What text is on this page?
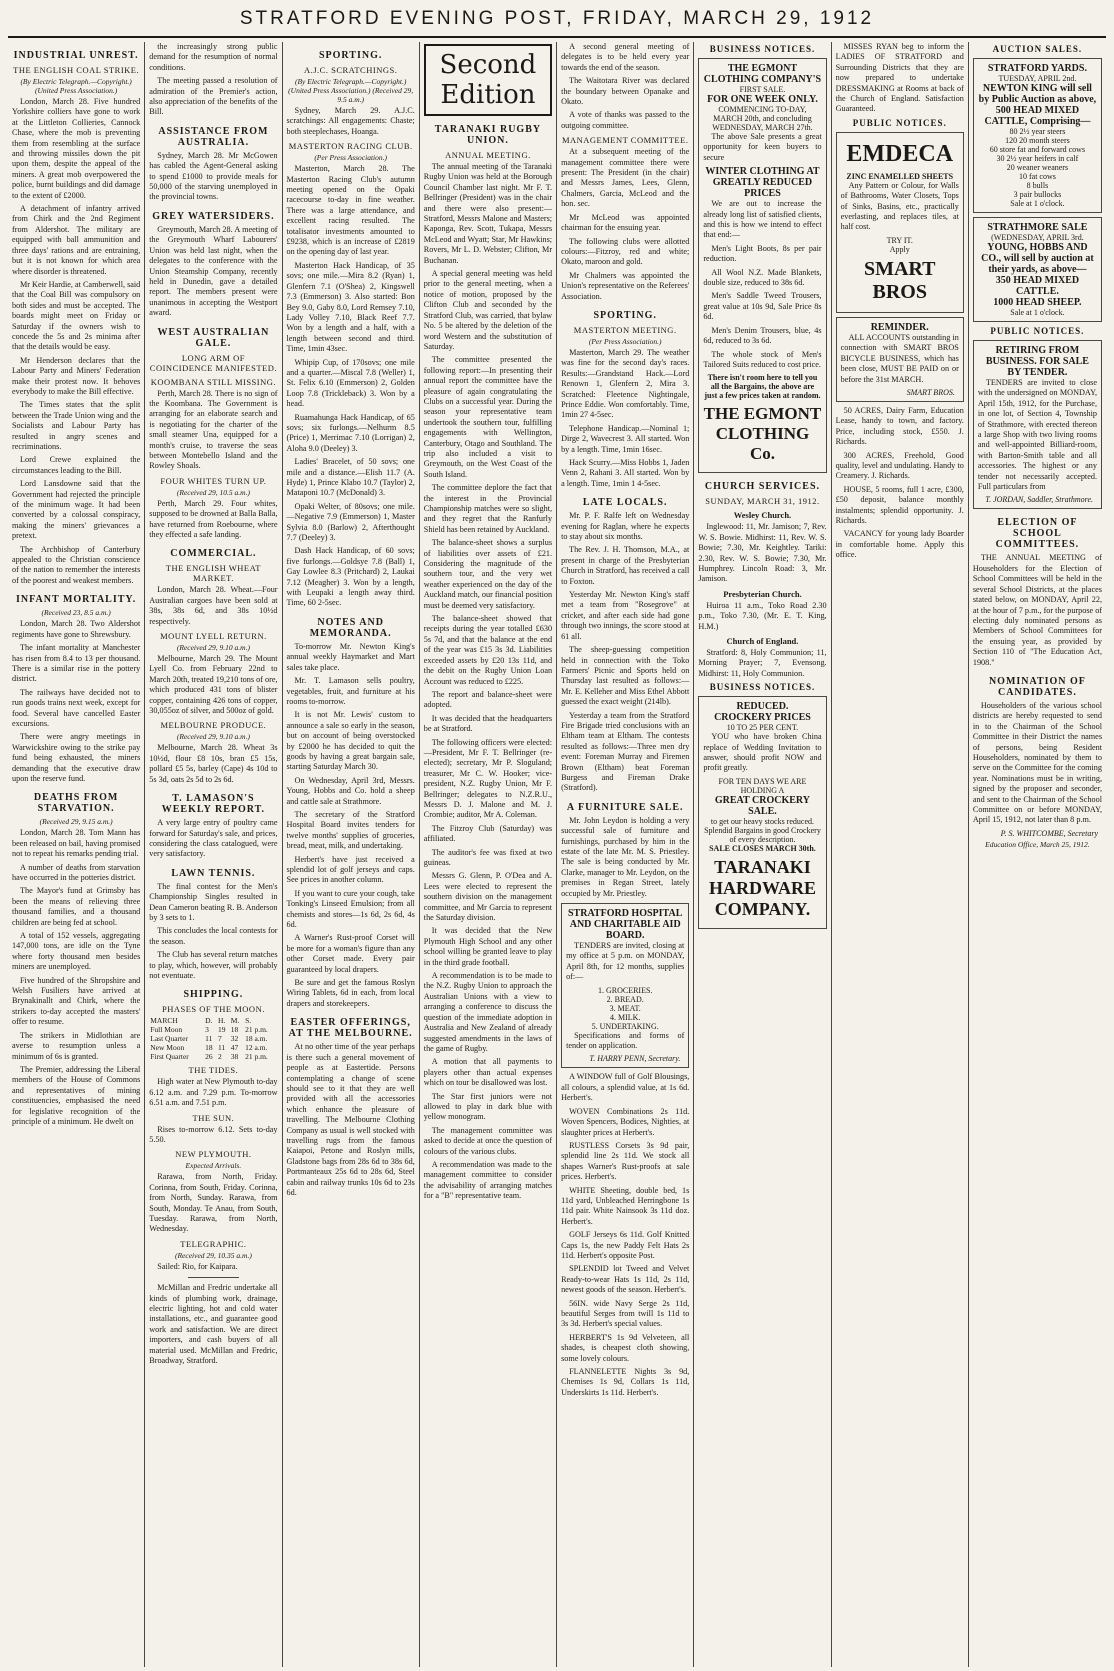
STRATFORD EVENING POST, FRIDAY, MARCH 29, 1912
INDUSTRIAL UNREST.
THE ENGLISH COAL STRIKE.
(By Electric Telegraph.—Copyright.) (United Press Association.)

London, March 28. Five hundred Yorkshire colliers have gone to work at the Littleton Collieries, Cannock Chase, where the mob is preventing them from resembling at the surface and throwing missiles down the pit upon them, despite the appeal of the miners. A great mob overpowered the police, burnt buildings and did damage to the extent of £2000.

A detachment of infantry arrived from Chirk and the 2nd Regiment from Aldershot. The military are equipped with ball ammunition and three days' rations and are entraining, but it is not known for which area where disorder is threatened.

Mr Keir Hardie, at Camberwell, said that the Coal Bill was compulsory on both sides and must be accepted. The boards might meet on Friday or Saturday if the owners wish to concede the 5s and 2s minima after that the details would be easy.

Mr Henderson declares that the Labour Party and Miners' Federation make their protest now. It behoves everybody to make the Bill effective.

The Times states that the split between the Trade Union wing and the Socialists and Labour Party has resulted in angry scenes and recriminations.

Lord Crewe explained the circumstances leading to the Bill.

Lord Lansdowne said that the Government had rejected the principle of the minimum wage. It had been converted by a colossal conspiracy, making the miners' grievances a pretext.

The Archbishop of Canterbury appealed to the Christian conscience of the nation to remember the interests of the poorest and weakest members.

INFANT MORTALITY.
(Received 23, 8.5 a.m.)

London, March 28. Two Aldershot regiments have gone to Shrewsbury.

The infant mortality at Manchester has risen from 8.4 to 13 per thousand. There is a similar rise in the pottery district.

The railways have decided not to run goods trains next week, except for food. Several have cancelled Easter excursions.

There were angry meetings in Warwickshire owing to the strike pay fund being exhausted, the miners demanding that the executive draw upon the reserve fund.

DEATHS FROM STARVATION.
(Received 29, 9.15 a.m.)

London, March 28. Tom Mann has been released on bail, having promised not to repeat his remarks pending trial.

A number of deaths from starvation have occurred in the potteries district.

The Mayor's fund at Grimsby has been the means of relieving three thousand families, and a thousand children are being fed at school.

A total of 152 vessels, aggregating 147,000 tons, are idle on the Tyne where forty thousand men besides miners are unemployed.

Five hundred of the Shropshire and Welsh Fusiliers have arrived at Brynakinallt and Chirk, where the strikers to-day accepted the masters' offer to resume.

The strikers in Midlothian are averse to resumption unless a minimum of 6s is granted.

The Premier, addressing the Liberal members of the House of Commons and representatives of mining constituencies, emphasised the need for legislative recognition of the principle of a minimum. He dwelt on

the increasingly strong public demand for the resumption of normal conditions.

The meeting passed a resolution of admiration of the Premier's action, also appreciation of the benefits of the Bill.

ASSISTANCE FROM AUSTRALIA.

Sydney, March 28. Mr McGowen has cabled the Agent-General asking to spend £1000 to provide meals for 50,000 of the starving unemployed in the provincial towns.

GREY WATERSIDERS.

Greymouth, March 28. A meeting of the Greymouth Wharf Labourers' Union was held last night, when the delegates to the conference with the Union Steamship Company, recently held in Dunedin, gave a detailed report. The members present were unanimous in accepting the Westport award.

WEST AUSTRALIAN GALE.
LONG ARM OF COINCIDENCE MANIFESTED.
KOOMBANA STILL MISSING.

Perth, March 28. There is no sign of the Koombana. The Government is arranging for an elaborate search and is negotiating for the charter of the small steamer Una, equipped for a month's cruise, to traverse the seas between Montebello Island and the Rowley Shoals.

FOUR WHITES TURN UP.
(Received 29, 10.5 a.m.)

Perth, March 29. Four whites, supposed to be drowned at Balla Balla, have returned from Roebourne, where they effected a safe landing.

COMMERCIAL.
THE ENGLISH WHEAT MARKET.

London, March 28. Wheat.—Four Australian cargoes have been sold at 38s, 38s 6d, and 38s 10½d respectively.

MOUNT LYELL RETURN.
(Received 29, 9.10 a.m.)

Melbourne, March 29. The Mount Lyell Co. from February 22nd to March 20th, treated 19,210 tons of ore, which produced 431 tons of blister copper, containing 426 tons of copper, 30,055oz of silver, and 500oz of gold.

MELBOURNE PRODUCE.
(Received 29, 9.10 a.m.)

Melbourne, March 28. Wheat 3s 10½d, flour £8 10s, bran £5 15s, pollard £5 5s, barley (Cape) 4s 10d to 5s 3d, oats 2s 5d to 2s 6d.

T. LAMASON'S WEEKLY REPORT.

A very large entry of poultry came forward for Saturday's sale, and prices, considering the class catalogued, were very satisfactory.

LAWN TENNIS.

The final contest for the Men's Championship Singles resulted in Dean Cameron beating R. B. Anderson by 3 sets to 1.

This concludes the local contests for the season.

The Club has several return matches to play, which, however, will probably not eventuate.

SHIPPING.
PHASES OF THE MOON.
MARCH	D.	H.	M.	S.
Full Moon	3	19	18	21 p.m.
Last Quarter	11	7	32	18 a.m.
New Moon	18	11	47	12 a.m.
First Quarter	26	2	38	21 p.m.
THE TIDES.

High water at New Plymouth to-day 6.12 a.m. and 7.29 p.m. To-morrow 6.51 a.m. and 7.51 p.m.

THE SUN.

Rises to-morrow 6.12. Sets to-day 5.50.

NEW PLYMOUTH.
Expected Arrivals.

Rarawa, from North, Friday. Corinna, from South, Friday. Corinna, from North, Sunday. Rarawa, from South, Monday. Te Anau, from South, Tuesday. Rarawa, from North, Wednesday.

TELEGRAPHIC.
(Received 29, 10.35 a.m.)

Sailed: Rio, for Kaipara.

McMillan and Fredric undertake all kinds of plumbing work, drainage, electric lighting, hot and cold water installations, etc., and guarantee good work and satisfaction. We are direct importers, and cash buyers of all material used. McMillan and Fredric, Broadway, Stratford.

SPORTING.
A.J.C. SCRATCHINGS.
(By Electric Telegraph.—Copyright.) (United Press Association.) (Received 29, 9.5 a.m.)

Sydney, March 29. A.J.C. scratchings: All engagements: Chaste; both steeplechases, Hoanga.

MASTERTON RACING CLUB.
(Per Press Association.)

Masterton, March 28. The Masterton Racing Club's autumn meeting opened on the Opaki racecourse to-day in fine weather. There was a large attendance, and excellent racing resulted. The totalisator investments amounted to £9238, which is an increase of £2819 on the opening day of last year.

Masterton Hack Handicap, of 35 sovs; one mile.—Mira 8.2 (Ryan) 1, Glenfern 7.1 (O'Shea) 2, Kingswell 7.3 (Emmerson) 3. Also started: Bon Bey 9.0, Gaby 8.0, Lord Remsey 7.10, Lady Volley 7.10, Black Reef 7.7. Won by a length and a half, with a length between second and third. Time, 1min 43sec.

Whipip Cup, of 170sovs; one mile and a quarter.—Miscal 7.8 (Weller) 1, St. Felix 6.10 (Emmerson) 2, Golden Loop 7.8 (Trickleback) 3. Won by a head.

Ruamahunga Hack Handicap, of 65 sovs; six furlongs.—Nelhurm 8.5 (Price) 1, Merrimac 7.10 (Lorrigan) 2, Aloha 9.0 (Deeley) 3.

Ladies' Bracelet, of 50 sovs; one mile and a distance.—Elish 11.7 (A. Hyde) 1, Prince Klabo 10.7 (Taylor) 2, Mataponi 10.7 (McDonald) 3.

Opaki Welter, of 80sovs; one mile.—Negative 7.9 (Emmerson) 1, Master Sylvia 8.0 (Barlow) 2, Afterthought 7.7 (Deeley) 3.

Dash Hack Handicap, of 60 sovs; five furlongs.—Goldsye 7.8 (Ball) 1, Gay Lowlee 8.3 (Pritchard) 2, Laukai 7.12 (Meagher) 3. Won by a length, with Leupaki a length away third. Time, 60 2-5sec.

NOTES AND MEMORANDA.

To-morrow Mr. Newton King's annual weekly Haymarket and Mart sales take place.

Mr. T. Lamason sells poultry, vegetables, fruit, and furniture at his rooms to-morrow.

It is not Mr. Lewis' custom to announce a sale so early in the season, but on account of being overstocked by £2000 he has decided to quit the goods by having a great bargain sale, starting Saturday March 30.

On Wednesday, April 3rd, Messrs. Young, Hobbs and Co. hold a sheep and cattle sale at Strathmore.

The secretary of the Stratford Hospital Board invites tenders for twelve months' supplies of groceries, bread, meat, milk, and undertaking.

Herbert's have just received a splendid lot of golf jerseys and caps. See prices in another column.

If you want to cure your cough, take Tonking's Linseed Emulsion; from all chemists and stores—1s 6d, 2s 6d, 4s 6d.

A Warner's Rust-proof Corset will be more for a woman's figure than any other Corset made. Every pair guaranteed by local drapers.

Be sure and get the famous Roslyn Wiring Tablets, 6d in each, from local drapers and storekeepers.

EASTER OFFERINGS, AT THE MELBOURNE.

At no other time of the year perhaps is there such a general movement of people as at Eastertide. Persons contemplating a change of scene should see to it that they are well provided with all the accessories which enhance the pleasure of travelling. The Melbourne Clothing Company as usual is well stocked with travelling rugs from the famous Kaiapoi, Petone and Roslyn mills, Gladstone bags from 28s 6d to 38s 6d, Portmanteaux 25s 6d to 28s 6d, Steel cabin and railway trunks 10s 6d to 23s 6d.

Second Edition
TARANAKI RUGBY UNION.
ANNUAL MEETING.

The annual meeting of the Taranaki Rugby Union was held at the Borough Council Chamber last night. Mr F. T. Bellringer (President) was in the chair and there were also present:—Stratford, Messrs Malone and Masters; Kaponga, Rev. Scott, Tukapa, Messrs McLeod and Wyatt; Star, Mr Hawkins; Rovers, Mr L. D. Webster; Clifton, Mr Buchanan.

A special general meeting was held prior to the general meeting, when a notice of motion, proposed by the Clifton Club and seconded by the Stratford Club, was carried, that bylaw No. 5 be altered by the deletion of the word Western and the substitution of Saturday.

The committee presented the following report:—In presenting their annual report the committee have the pleasure of again congratulating the Clubs on a successful year. During the season your representative team undertook the southern tour, fulfilling engagements with Wellington, Canterbury, Otago and Southland. The trip also included a visit to Greymouth, on the West Coast of the South Island.

The committee deplore the fact that the interest in the Provincial Championship matches were so slight, and they regret that the Ranfurly Shield has been retained by Auckland.

The balance-sheet shows a surplus of liabilities over assets of £21. Considering the magnitude of the southern tour, and the very wet weather experienced on the day of the Auckland match, our financial position must be deemed very satisfactory.

The balance-sheet showed that receipts during the year totalled £630 5s 7d, and that the balance at the end of the year was £15 3s 3d. Liabilities exceeded assets by £20 13s 11d, and the debit on the Rugby Union Loan Account was reduced to £225.

The report and balance-sheet were adopted.

It was decided that the headquarters be at Stratford.

The following officers were elected:—President, Mr F. T. Bellringer (re-elected); secretary, Mr P. Sloguland; treasurer, Mr C. W. Hooker; vice-president, N.Z. Rugby Union, Mr F. Bellringer; delegates to N.Z.R.U., Messrs D. J. Malone and M. J. Crombie; auditor, Mr A. Coleman.

The Fitzroy Club (Saturday) was affiliated.

The auditor's fee was fixed at two guineas.

Messrs G. Glenn, P. O'Dea and A. Lees were elected to represent the southern division on the management committee, and Mr Garcia to represent the Saturday division.

It was decided that the New Plymouth High School and any other school willing be granted leave to play in the third grade football.

A recommendation is to be made to the N.Z. Rugby Union to approach the Australian Unions with a view to arranging a conference to discuss the question of the immediate adoption in Australia and New Zealand of already suggested amendments in the laws of the game of Rugby.

A motion that all payments to players other than actual expenses which on tour be disallowed was lost.

The Star first juniors were not allowed to play in dark blue with yellow monogram.

The management committee was asked to decide at once the question of colours of the various clubs.

A recommendation was made to the management committee to consider the advisability of arranging matches for a "B" representative team.

A second general meeting of delegates is to be held every year towards the end of the season.

The Waitotara River was declared the boundary between Opanake and Okato.

A vote of thanks was passed to the outgoing committee.

MANAGEMENT COMMITTEE.

At a subsequent meeting of the management committee there were present: The President (in the chair) and Messrs James, Lees, Glenn, Chalmers, Garcia, McLeod and the hon. sec.

Mr McLeod was appointed chairman for the ensuing year.

The following clubs were allotted colours:—Fitzroy, red and white; Okato, maroon and gold.

Mr Chalmers was appointed the Union's representative on the Referees' Association.

SPORTING.
MASTERTON MEETING.
(Per Press Association.)

Masterton, March 29. The weather was fine for the second day's races. Results:—Grandstand Hack.—Lord Renown 1, Glenfern 2, Mira 3. Scratched: Fleetence Nightingale, Prince Eddie. Won comfortably. Time, 1min 27 4-5sec.

Telephone Handicap.—Nominal 1; Dirge 2, Wavecrest 3. All started. Won by a length. Time, 1min 16sec.

Hack Scurry.—Miss Hobbs 1, Jaden Venn 2, Rahani 3. All started. Won by a length. Time, 1min 1 4-5sec.

LATE LOCALS.

Mr. P. F. Ralfe left on Wednesday evening for Raglan, where he expects to stay about six months.

The Rev. J. H. Thomson, M.A., at present in charge of the Presbyterian Church in Stratford, has received a call to Foxton.

Yesterday Mr. Newton King's staff met a team from "Rosegrove" at cricket, and after each side had gone through two innings, the score stood at 61 all.

The sheep-guessing competition held in connection with the Toko Farmers' Picnic and Sports held on Thursday last resulted as follows:—Mr. E. Kelleher and Miss Ethel Abbott guessed the exact weight (214lb).

Yesterday a team from the Stratford Fire Brigade tried conclusions with an Eltham team at Eltham. The contests resulted as follows:—Three men dry event: Foreman Murray and Firemen Brown (Eltham) beat Foreman Burgess and Fireman Drake (Stratford).

A FURNITURE SALE.

Mr. John Leydon is holding a very successful sale of furniture and furnishings, purchased by him in the estate of the late Mr. M. S. Priestley. The sale is being conducted by Mr. Clarke, manager to Mr. Leydon, on the premises in Regan Street, lately occupied by Mr. Priestley.

STRATFORD HOSPITAL AND CHARITABLE AID BOARD.

TENDERS are invited, closing at my office at 5 p.m. on MONDAY, April 8th, for 12 months, supplies of:—

1. GROCERIES.
2. BREAD.
3. MEAT.
4. MILK.
5. UNDERTAKING.

Specifications and forms of tender on application.

T. HARRY PENN, Secretary.

A WINDOW full of Golf Blousings, all colours, a splendid value, at 1s 6d. Herbert's.

WOVEN Combinations 2s 11d. Woven Spencers, Bodices, Nighties, at slaughter prices at Herbert's.

RUSTLESS Corsets 3s 9d pair, splendid line 2s 11d. We stock all shapes Warner's Rust-proofs at sale prices. Herbert's.

WHITE Sheeting, double bed, 1s 11d yard, Unbleached Herringbone 1s 11d pair. White Nainsook 3s 11d doz. Herbert's.

GOLF Jerseys 6s 11d. Golf Knitted Caps 1s, the new Paddy Felt Hats 2s 11d. Herbert's opposite Post.

SPLENDID lot Tweed and Velvet Ready-to-wear Hats 1s 11d, 2s 11d, newest goods of the season. Herbert's.

56IN. wide Navy Serge 2s 11d, beautiful Serges from twill 1s 11d to 3s 3d. Herbert's special values.

HERBERT'S 1s 9d Velveteen, all shades, is cheapest cloth showing, some lovely colours.

FLANNELETTE Nights 3s 9d, Chemises 1s 9d, Collars 1s 11d, Underskirts 1s 11d. Herbert's.

BUSINESS NOTICES.
THE EGMONT CLOTHING COMPANY'S
FIRST SALE.
FOR ONE WEEK ONLY.
COMMENCING TO-DAY, MARCH 20th, and concluding WEDNESDAY, MARCH 27th.

The above Sale presents a great opportunity for keen buyers to secure

WINTER CLOTHING AT GREATLY REDUCED PRICES

We are out to increase the already long list of satisfied clients, and this is how we intend to effect that end:—

Men's Light Boots, 8s per pair reduction.

All Wool N.Z. Made Blankets, double size, reduced to 38s 6d.

Men's Saddle Tweed Trousers, great value at 10s 9d, Sale Price 8s 6d.

Men's Denim Trousers, blue, 4s 6d, reduced to 3s 6d.

The whole stock of Men's Tailored Suits reduced to cost price.

There isn't room here to tell you all the Bargains, the above are just a few prices taken at random.
THE EGMONT CLOTHING Co.
CHURCH SERVICES.
SUNDAY, MARCH 31, 1912.
Wesley Church.

Inglewood: 11, Mr. Jamison; 7, Rev. W. S. Bowie. Midhirst: 11, Rev. W. S. Bowie; 7.30, Mr. Keightley. Tariki: 2.30, Rev. W. S. Bowie; 7.30, Mr. Humphrey. Lincoln Road: 3, Mr. Jamison.

Presbyterian Church.

Huiroa 11 a.m., Toko Road 2.30 p.m., Toko 7.30, (Mr. E. T. King, H.M.)

Church of England.

Stratford: 8, Holy Communion; 11, Morning Prayer; 7, Evensong. Midhirst: 11, Holy Communion.

BUSINESS NOTICES.
REDUCED.
CROCKERY PRICES
10 TO 25 PER CENT.

YOU who have broken China replace of Wedding Invitation to answer, should profit NOW and profit greatly.

FOR TEN DAYS WE ARE HOLDING A
GREAT CROCKERY SALE.
to get our heavy stocks reduced.
Splendid Bargains in good Crockery of every description.
SALE CLOSES MARCH 30th.
TARANAKI HARDWARE COMPANY.

MISSES RYAN beg to inform the LADIES OF STRATFORD and Surrounding Districts that they are now prepared to undertake DRESSMAKING at Rooms at back of the Church of England. Satisfaction Guaranteed.

PUBLIC NOTICES.
EMDECA
ZINC ENAMELLED SHEETS

Any Pattern or Colour, for Walls of Bathrooms, Water Closets, Tops of Sinks, Basins, etc., practically everlasting, and replaces tiles, at half cost.

TRY IT.
Apply
SMART BROS
REMINDER.

ALL ACCOUNTS outstanding in connection with SMART BROS BICYCLE BUSINESS, which has been close, MUST BE PAID on or before the 31st MARCH.

SMART BROS.

50 ACRES, Dairy Farm, Education Lease, handy to town, and factory. Price, including stock, £550. J. Richards.

300 ACRES, Freehold, Good quality, level and undulating. Handy to Creamery. J. Richards.

HOUSE, 5 rooms, full 1 acre, £300, £50 deposit, balance monthly instalments; splendid opportunity. J. Richards.

VACANCY for young lady Boarder in comfortable home. Apply this office.

AUCTION SALES.
STRATFORD YARDS.
TUESDAY, APRIL 2nd.
NEWTON KING will sell by Public Auction as above,
500 HEAD MIXED CATTLE, Comprising—
80 2½ year steers
120 20 month steers
60 store fat and forward cows
30 2½ year heifers in calf
20 weaner weaners
10 fat cows
8 bulls
3 pair bullocks
Sale at 1 o'clock.
STRATHMORE SALE
(WEDNESDAY, APRIL 3rd.
YOUNG, HOBBS AND CO., will sell by auction at their yards, as above—
350 HEAD MIXED CATTLE.
1000 HEAD SHEEP.
Sale at 1 o'clock.
PUBLIC NOTICES.
RETIRING FROM BUSINESS. FOR SALE BY TENDER.

TENDERS are invited to close with the undersigned on MONDAY, April 15th, 1912, for the Purchase, in one lot, of Section 4, Township of Strathmore, with erected thereon a large Shop with two living rooms and well-appointed Billiard-room, with Barton-Smith table and all accessories. The highest or any tender not necessarily accepted. Full particulars from

T. JORDAN, Saddler, Strathmore.
ELECTION OF SCHOOL COMMITTEES.

THE ANNUAL MEETING of Householders for the Election of School Committees will be held in the several School Districts, at the places stated below, on MONDAY, April 22, at the hour of 7 p.m., for the purpose of electing duly nominated persons as Members of School Committees for the ensuing year, as provided by Section 110 of "The Education Act, 1908."

NOMINATION OF CANDIDATES.

Householders of the various school districts are hereby requested to send in to the Chairman of the School Committee in their District the names of persons, being Resident Householders, nominated by them to serve on the Committee for the coming year. Nominations must be in writing, signed by the proposer and seconder, and sent to the Chairman of the School Committee on or before MONDAY, April 15, 1912, not later than 8 p.m.

P. S. WHITCOMBE, Secretary
Education Office, March 25, 1912.
